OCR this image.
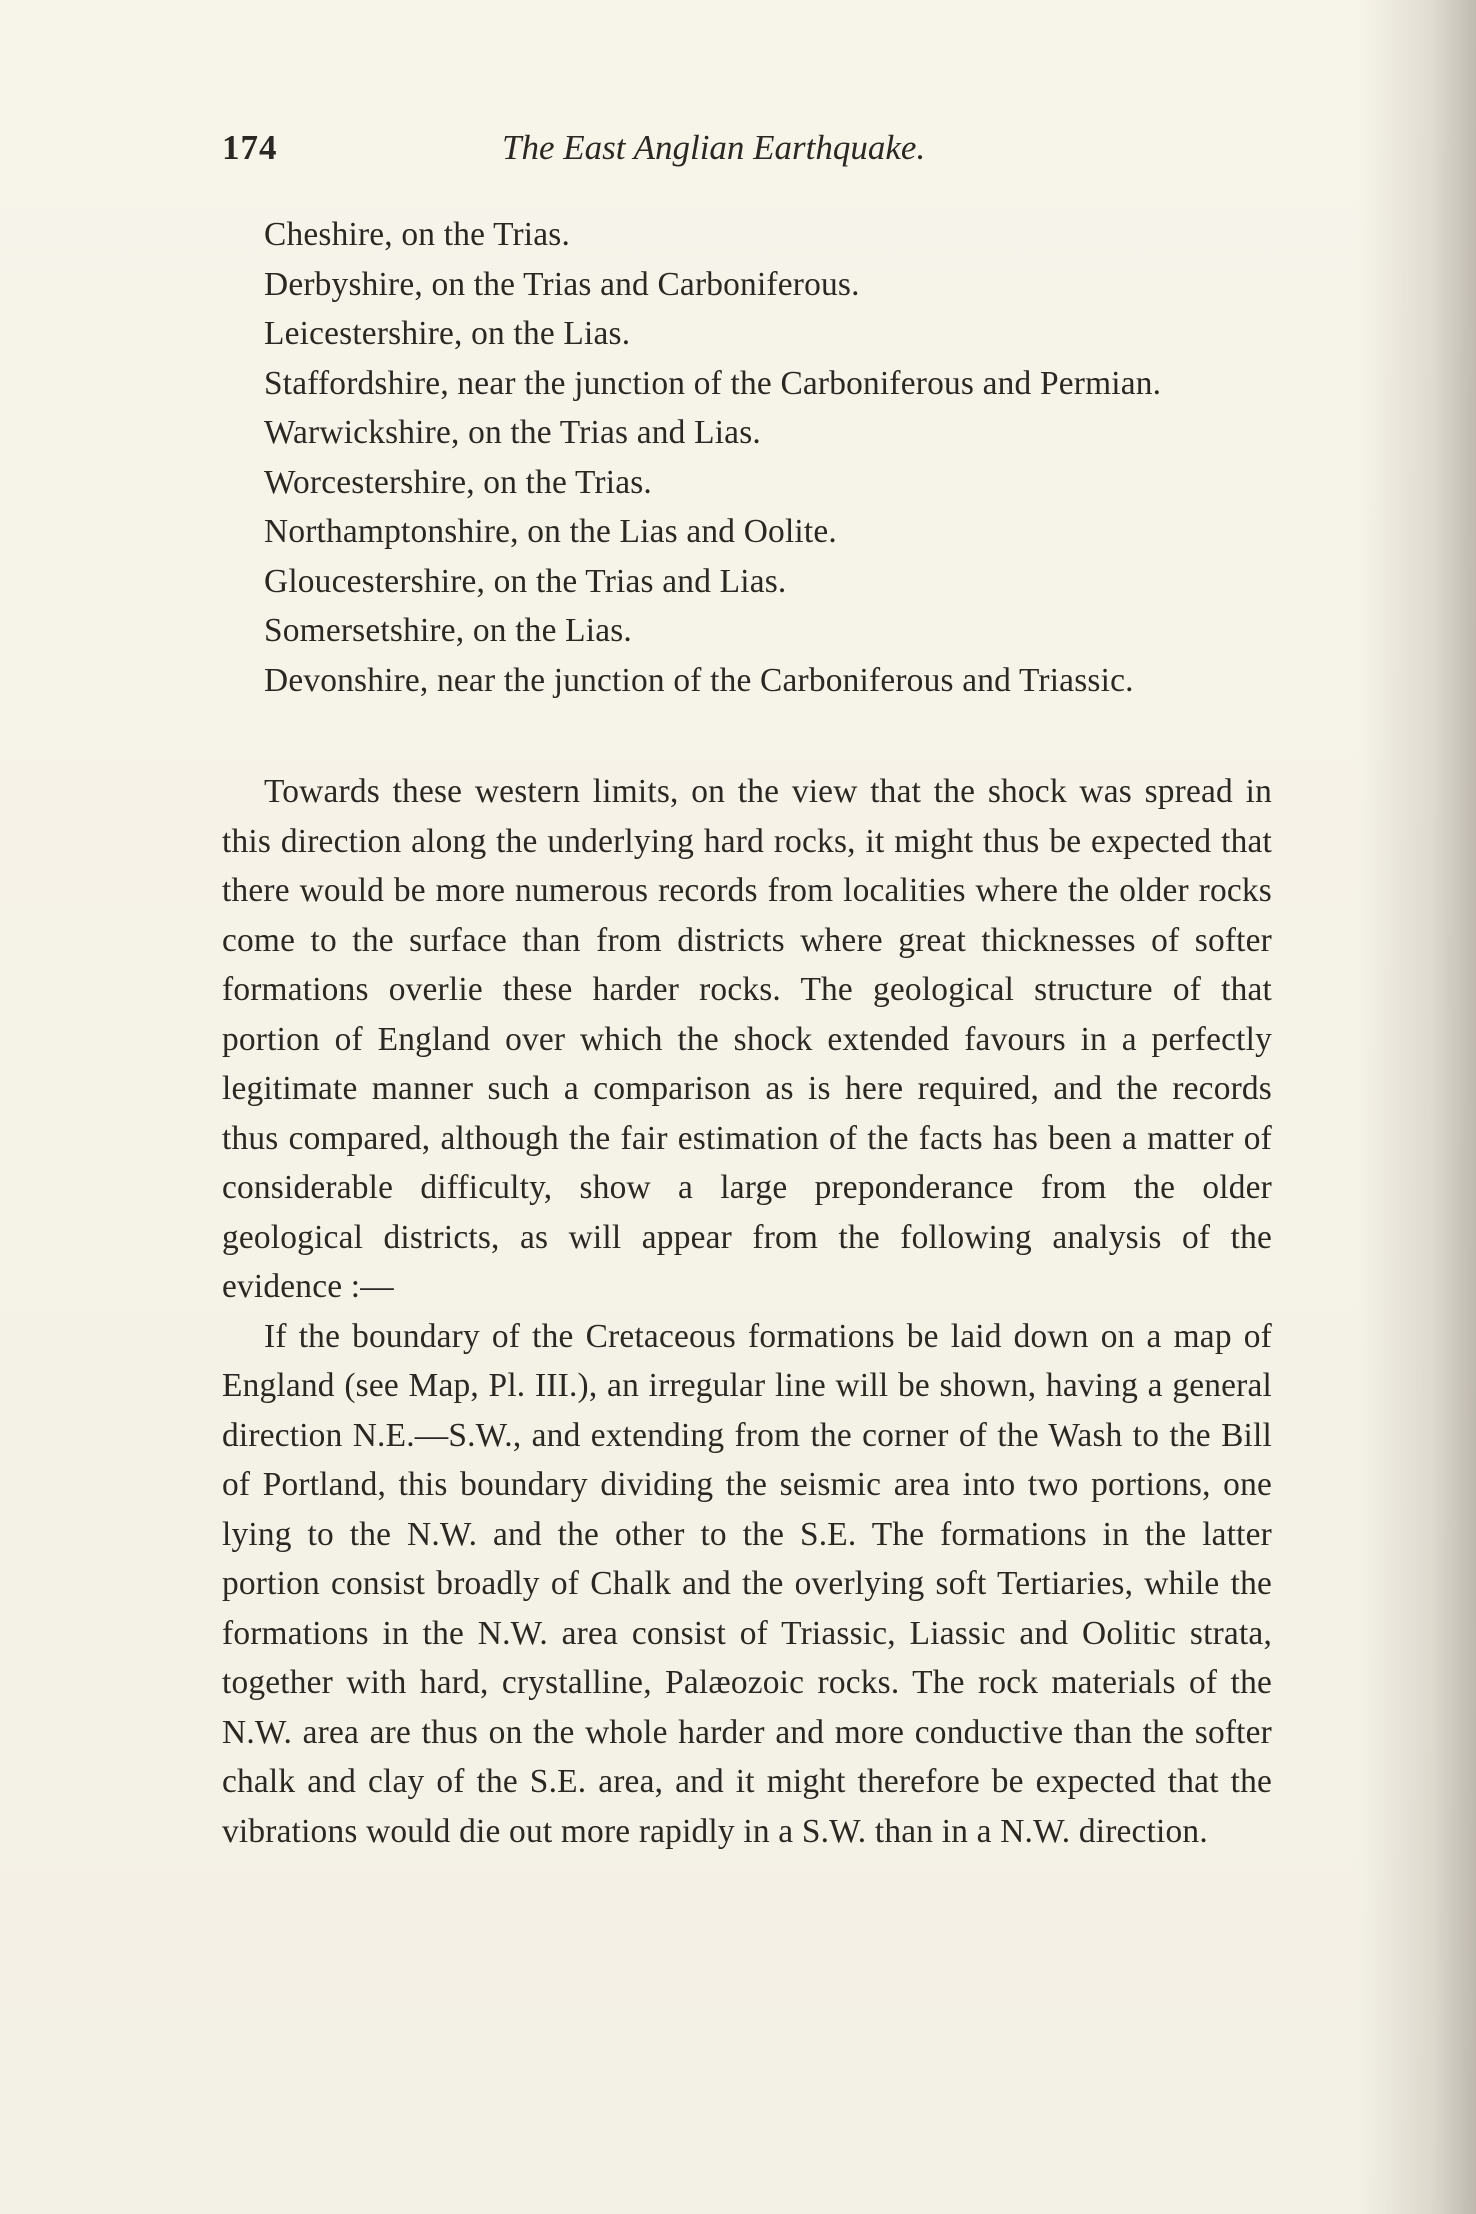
174	The East Anglian Earthquake.

Cheshire, on the Trias.

Derbyshire, on the Trias and Carboniferous.

Leicestershire, on the Lias.

Staffordshire, near the junction of the Carboniferous and Permian.

Warwickshire, on the Trias and Lias.

Worcestershire, on the Trias.

Northamptonshire, on the Lias and Oolite.

Gloucestershire, on the Trias and Lias.

Somersetshire, on the Lias.

Devonshire, near the junction of the Carboniferous and Triassic.

Towards these western limits, on the view that the shock was spread in this direction along the underlying hard rocks, it might thus be expected that there would be more numerous records from localities where the older rocks come to the surface than from districts where great thicknesses of softer formations overlie these harder rocks. The geological structure of that portion of England over which the shock extended favours in a perfectly legitimate manner such a comparison as is here required, and the records thus compared, although the fair estimation of the facts has been a matter of considerable difficulty, show a large preponderance from the older geological districts, as will appear from the following analysis of the evidence :—

If the boundary of the Cretaceous formations be laid down on a map of England (see Map, Pl. III.), an irregular line will be shown, having a general direction N.E.—S.W., and extending from the corner of the Wash to the Bill of Portland, this boundary dividing the seismic area into two portions, one lying to the N.W. and the other to the S.E. The formations in the latter portion consist broadly of Chalk and the overlying soft Tertiaries, while the formations in the N.W. area consist of Triassic, Liassic and Oolitic strata, together with hard, crystalline, Palæozoic rocks. The rock materials of the N.W. area are thus on the whole harder and more conductive than the softer chalk and clay of the S.E. area, and it might therefore be expected that the vibrations would die out more rapidly in a S.W. than in a N.W. direction.
